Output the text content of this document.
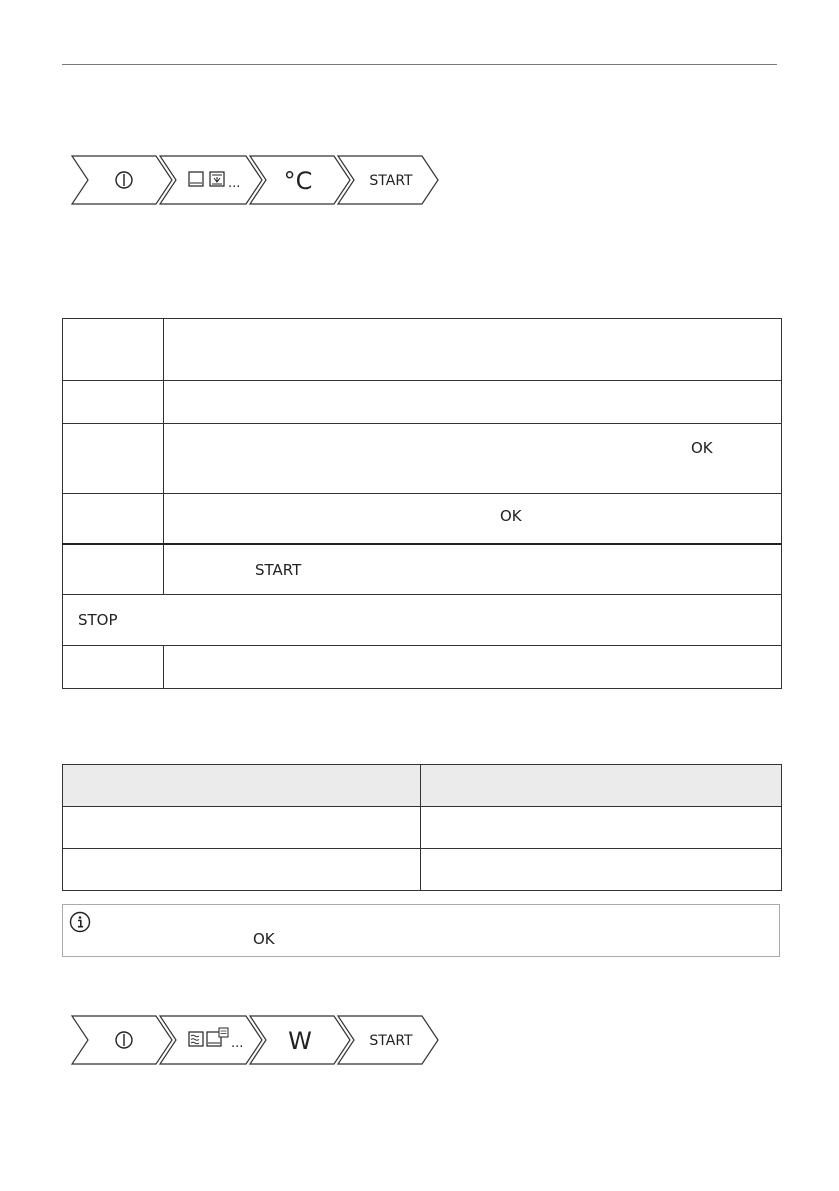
... °C	START

	OK

	OK

	START

STOP	

OK
... W	START
